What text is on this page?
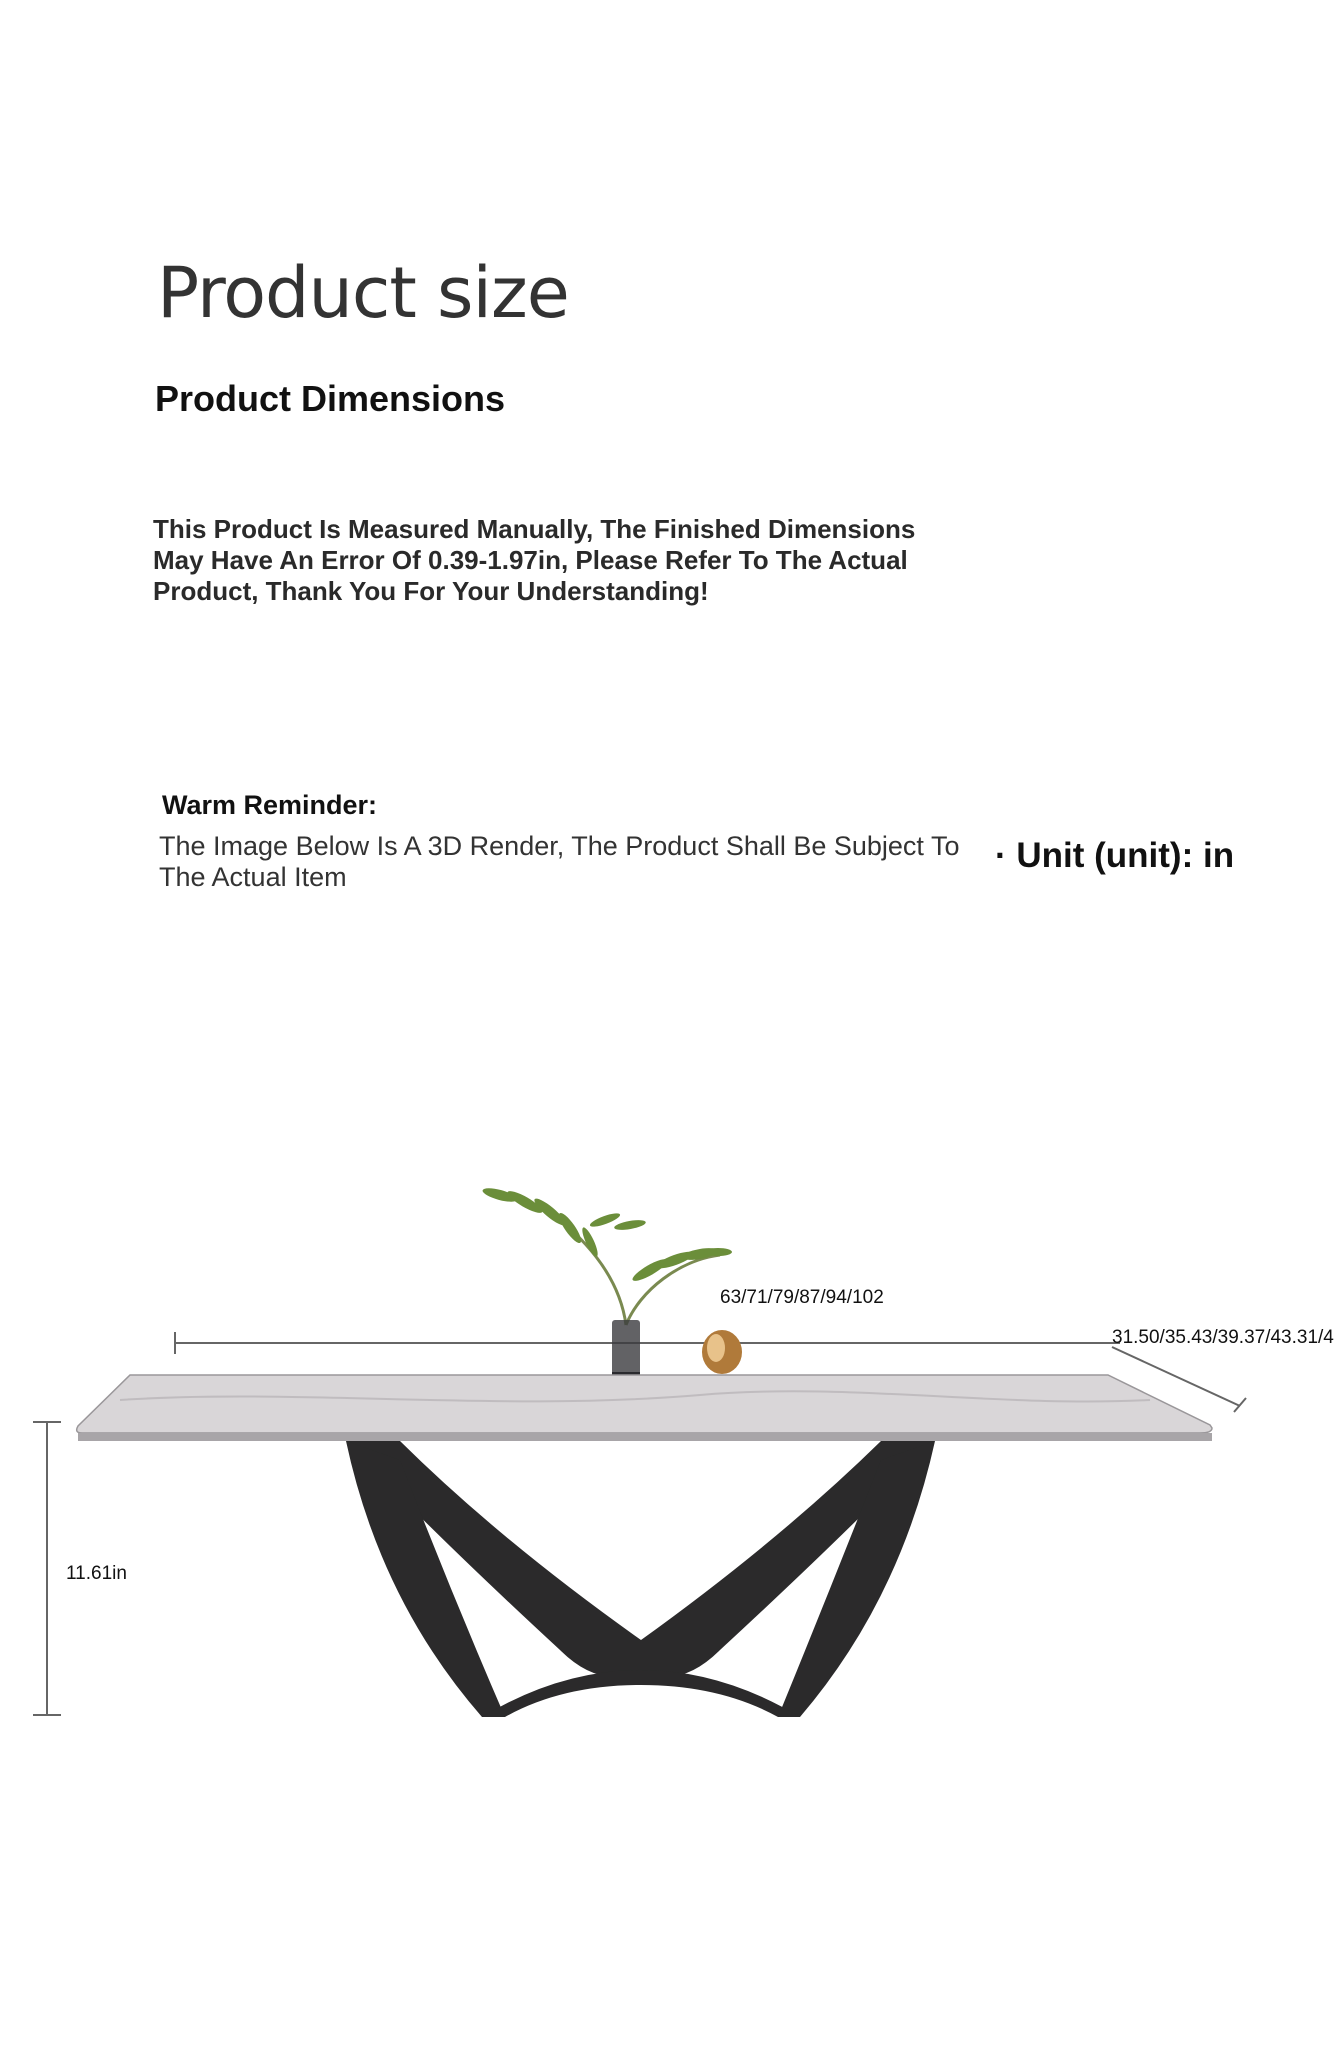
Product size
Product Dimensions
This Product Is Measured Manually, The Finished Dimensions May Have An Error Of 0.39-1.97in, Please Refer To The Actual Product, Thank You For Your Understanding!
Warm Reminder:
The Image Below Is A 3D Render, The Product Shall Be Subject To The Actual Item
· Unit (unit): in
63/71/79/87/94/102
31.50/35.43/39.37/43.31/4
11.61in
